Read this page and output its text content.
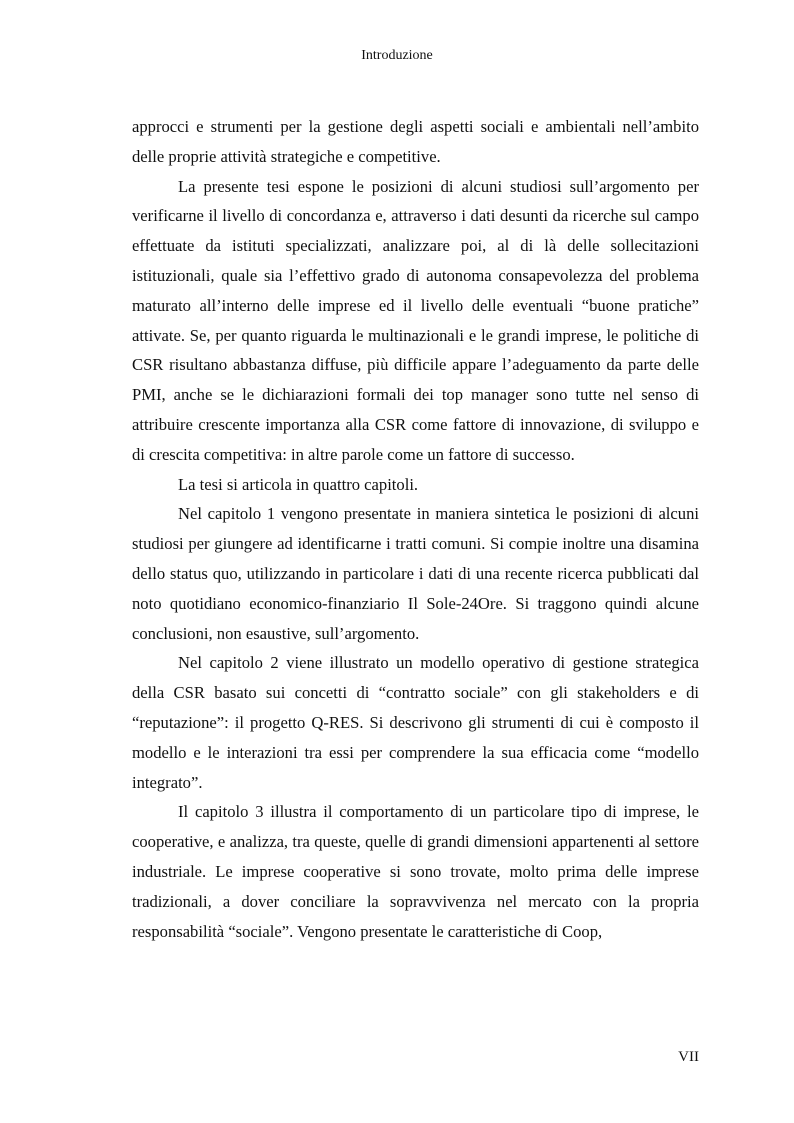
Introduzione

approcci e strumenti per la gestione degli aspetti sociali e ambientali nell’ambito delle proprie attività strategiche e competitive.

La presente tesi espone le posizioni di alcuni studiosi sull’argomento per verificarne il livello di concordanza e, attraverso i dati desunti da ricerche sul campo effettuate da istituti specializzati, analizzare poi, al di là delle sollecitazioni istituzionali, quale sia l’effettivo grado di autonoma consapevolezza del problema maturato all’interno delle imprese ed il livello delle eventuali “buone pratiche” attivate. Se, per quanto riguarda le multinazionali e le grandi imprese, le politiche di CSR risultano abbastanza diffuse, più difficile appare l’adeguamento da parte delle PMI, anche se le dichiarazioni formali dei top manager sono tutte nel senso di attribuire crescente importanza alla CSR come fattore di innovazione, di sviluppo e di crescita competitiva: in altre parole come un fattore di successo.

La tesi si articola in quattro capitoli.

Nel capitolo 1 vengono presentate in maniera sintetica le posizioni di alcuni studiosi per giungere ad identificarne i tratti comuni. Si compie inoltre una disamina dello status quo, utilizzando in particolare i dati di una recente ricerca pubblicati dal noto quotidiano economico-finanziario Il Sole-24Ore. Si traggono quindi alcune conclusioni, non esaustive, sull’argomento.

Nel capitolo 2 viene illustrato un modello operativo di gestione strategica della CSR basato sui concetti di “contratto sociale” con gli stakeholders e di “reputazione”: il progetto Q-RES. Si descrivono gli strumenti di cui è composto il modello e le interazioni tra essi per comprendere la sua efficacia come “modello integrato”.

Il capitolo 3 illustra il comportamento di un particolare tipo di imprese, le cooperative, e analizza, tra queste, quelle di grandi dimensioni appartenenti al settore industriale. Le imprese cooperative si sono trovate, molto prima delle imprese tradizionali, a dover conciliare la sopravvivenza nel mercato con la propria responsabilità “sociale”. Vengono presentate le caratteristiche di Coop,

VII
